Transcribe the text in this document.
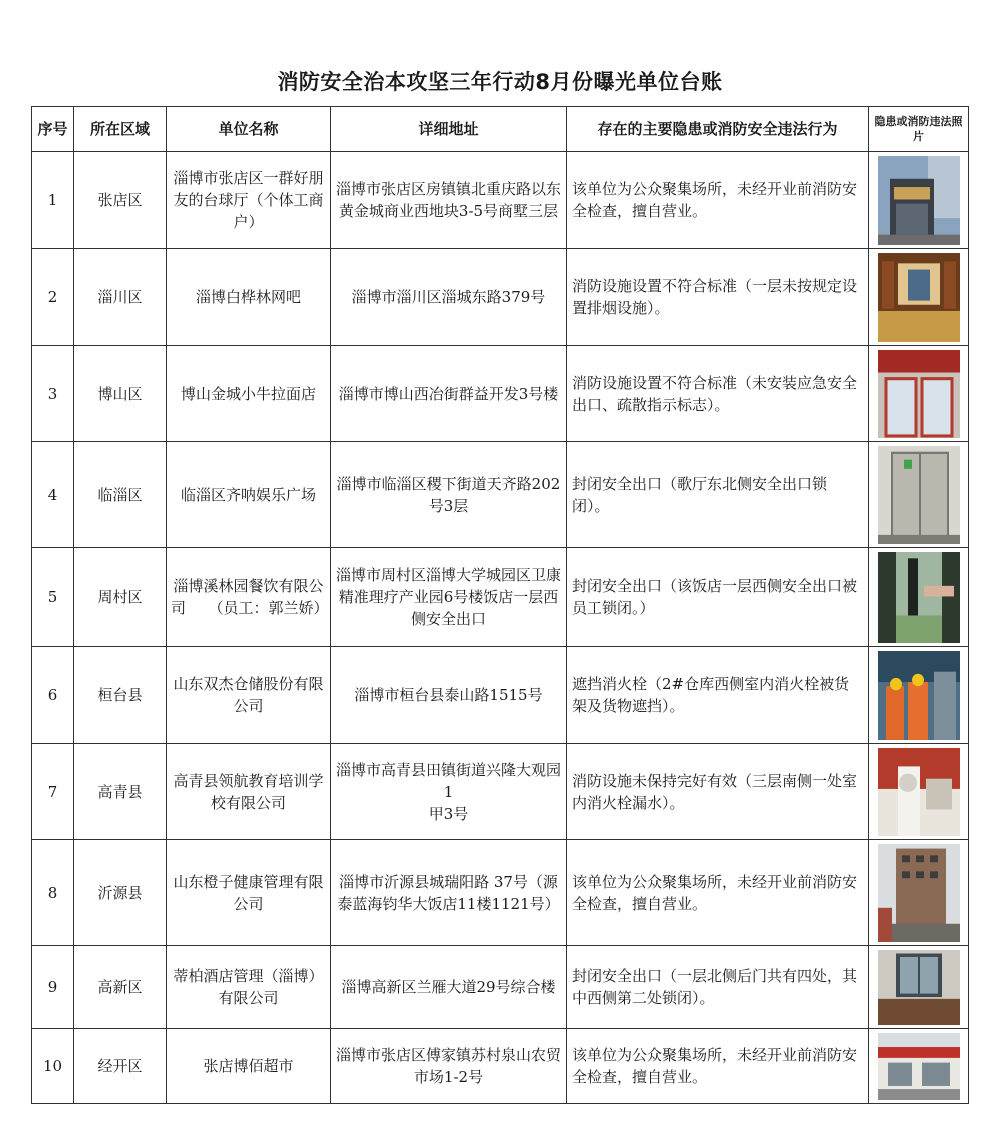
消防安全治本攻坚三年行动8月份曝光单位台账
序号	所在区域	单位名称	详细地址	存在的主要隐患或消防安全违法行为	隐患或消防违法照片
1	张店区	淄博市张店区一群好朋友的台球厅（个体工商户）	淄博市张店区房镇镇北重庆路以东黄金城商业西地块3-5号商墅三层	该单位为公众聚集场所，未经开业前消防安全检查，擅自营业。	

2	淄川区	淄博白桦林网吧	淄博市淄川区淄城东路379号	消防设施设置不符合标准（一层未按规定设置排烟设施）。	

3	博山区	博山金城小牛拉面店	淄博市博山西冶街群益开发3号楼	消防设施设置不符合标准（未安装应急安全出口、疏散指示标志）。	

4	临淄区	临淄区齐呐娱乐广场	淄博市临淄区稷下街道天齐路202号3层	封闭安全出口（歌厅东北侧安全出口锁闭）。	

5	周村区	淄博溪林园餐饮有限公司　　（员工：郭兰娇）	淄博市周村区淄博大学城园区卫康精准理疗产业园6号楼饭店一层西侧安全出口	封闭安全出口（该饭店一层西侧安全出口被员工锁闭。）	

6	桓台县	山东双杰仓储股份有限公司	淄博市桓台县泰山路1515号	遮挡消火栓（2#仓库西侧室内消火栓被货架及货物遮挡）。	

7	高青县	高青县领航教育培训学校有限公司	淄博市高青县田镇街道兴隆大观园1
甲3号	消防设施未保持完好有效（三层南侧一处室内消火栓漏水）。	

8	沂源县	山东橙子健康管理有限公司	淄博市沂源县城瑞阳路 37号（源泰蓝海钧华大饭店11楼1121号）	该单位为公众聚集场所，未经开业前消防安全检查，擅自营业。	

9	高新区	蒂柏酒店管理（淄博） 有限公司	淄博高新区兰雁大道29号综合楼	封闭安全出口（一层北侧后门共有四处，其中西侧第二处锁闭）。	

10	经开区	张店博佰超市	淄博市张店区傅家镇苏村泉山农贸市场1-2号	该单位为公众聚集场所，未经开业前消防安全检查，擅自营业。	
